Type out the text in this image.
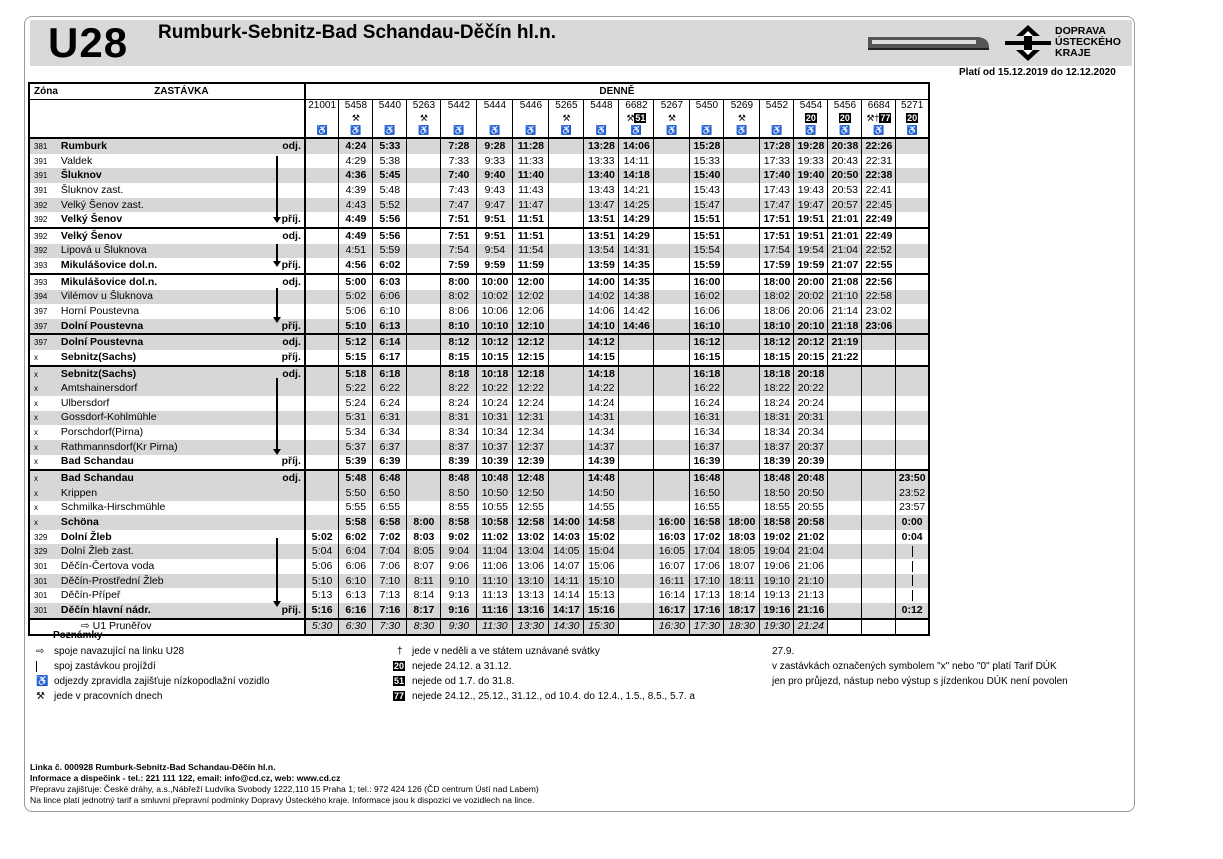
U28 Rumburk-Sebnitz-Bad Schandau-Děčín hl.n.	DOPRAVA
ÚSTECKÉHO
KRAJE
Platí od 15.12.2019 do 12.12.2020
Zóna	ZASTÁVKA		DENNĚ																	
			21001	5458	5440	5263	5442	5444	5446	5265	5448	6682	5267	5450	5269	5452	5454	5456	6684	5271
				⚒		⚒				⚒		⚒51	⚒		⚒		20	20	⚒†77	20
			♿	♿	♿	♿	♿	♿	♿	♿	♿	♿	♿	♿	♿	♿	♿	♿	♿	♿
381	Rumburk	odj.		4:24	5:33		7:28	9:28	11:28		13:28	14:06		15:28		17:28	19:28	20:38	22:26	
391	Valdek			4:29	5:38		7:33	9:33	11:33		13:33	14:11		15:33		17:33	19:33	20:43	22:31	
391	Šluknov			4:36	5:45		7:40	9:40	11:40		13:40	14:18		15:40		17:40	19:40	20:50	22:38	
391	Šluknov zast.			4:39	5:48		7:43	9:43	11:43		13:43	14:21		15:43		17:43	19:43	20:53	22:41	
392	Velký Šenov zast.			4:43	5:52		7:47	9:47	11:47		13:47	14:25		15:47		17:47	19:47	20:57	22:45	
392	Velký Šenov	příj.		4:49	5:56		7:51	9:51	11:51		13:51	14:29		15:51		17:51	19:51	21:01	22:49	
392	Velký Šenov	odj.		4:49	5:56		7:51	9:51	11:51		13:51	14:29		15:51		17:51	19:51	21:01	22:49	
392	Lipová u Šluknova			4:51	5:59		7:54	9:54	11:54		13:54	14:31		15:54		17:54	19:54	21:04	22:52	
393	Mikulášovice dol.n.	příj.		4:56	6:02		7:59	9:59	11:59		13:59	14:35		15:59		17:59	19:59	21:07	22:55	
393	Mikulášovice dol.n.	odj.		5:00	6:03		8:00	10:00	12:00		14:00	14:35		16:00		18:00	20:00	21:08	22:56	
394	Vilémov u Šluknova			5:02	6:06		8:02	10:02	12:02		14:02	14:38		16:02		18:02	20:02	21:10	22:58	
397	Horní Poustevna			5:06	6:10		8:06	10:06	12:06		14:06	14:42		16:06		18:06	20:06	21:14	23:02	
397	Dolní Poustevna	příj.		5:10	6:13		8:10	10:10	12:10		14:10	14:46		16:10		18:10	20:10	21:18	23:06	
397	Dolní Poustevna	odj.		5:12	6:14		8:12	10:12	12:12		14:12			16:12		18:12	20:12	21:19		
x	Sebnitz(Sachs)	příj.		5:15	6:17		8:15	10:15	12:15		14:15			16:15		18:15	20:15	21:22		
x	Sebnitz(Sachs)	odj.		5:18	6:18		8:18	10:18	12:18		14:18			16:18		18:18	20:18			
x	Amtshainersdorf			5:22	6:22		8:22	10:22	12:22		14:22			16:22		18:22	20:22			
x	Ulbersdorf			5:24	6:24		8:24	10:24	12:24		14:24			16:24		18:24	20:24			
x	Gossdorf-Kohlmühle			5:31	6:31		8:31	10:31	12:31		14:31			16:31		18:31	20:31			
x	Porschdorf(Pirna)			5:34	6:34		8:34	10:34	12:34		14:34			16:34		18:34	20:34			
x	Rathmannsdorf(Kr Pirna)			5:37	6:37		8:37	10:37	12:37		14:37			16:37		18:37	20:37			
x	Bad Schandau	příj.		5:39	6:39		8:39	10:39	12:39		14:39			16:39		18:39	20:39			
x	Bad Schandau	odj.		5:48	6:48		8:48	10:48	12:48		14:48			16:48		18:48	20:48			23:50
x	Krippen			5:50	6:50		8:50	10:50	12:50		14:50			16:50		18:50	20:50			23:52
x	Schmilka-Hirschmühle			5:55	6:55		8:55	10:55	12:55		14:55			16:55		18:55	20:55			23:57
x	Schöna			5:58	6:58	8:00	8:58	10:58	12:58	14:00	14:58		16:00	16:58	18:00	18:58	20:58			0:00
329	Dolní Žleb		5:02	6:02	7:02	8:03	9:02	11:02	13:02	14:03	15:02		16:03	17:02	18:03	19:02	21:02			0:04
329	Dolní Žleb zast.		5:04	6:04	7:04	8:05	9:04	11:04	13:04	14:05	15:04		16:05	17:04	18:05	19:04	21:04			
301	Děčín-Čertova voda		5:06	6:06	7:06	8:07	9:06	11:06	13:06	14:07	15:06		16:07	17:06	18:07	19:06	21:06			
301	Děčín-Prostřední Žleb		5:10	6:10	7:10	8:11	9:10	11:10	13:10	14:11	15:10		16:11	17:10	18:11	19:10	21:10			
301	Děčín-Přípeř		5:13	6:13	7:13	8:14	9:13	11:13	13:13	14:14	15:13		16:14	17:13	18:14	19:13	21:13			
301	Děčín hlavní nádr.	příj.	5:16	6:16	7:16	8:17	9:16	11:16	13:16	14:17	15:16		16:17	17:16	18:17	19:16	21:16			0:12
	⇨ U1 Pruněřov		5:30	6:30	7:30	8:30	9:30	11:30	13:30	14:30	15:30		16:30	17:30	18:30	19:30	21:24			
Poznámky
⇨ spoje navazující na linku U28
spoj zastávkou projíždí
♿ odjezdy zpravidla zajišťuje nízkopodlažní vozidlo
⚒ jede v pracovních dnech
† jede v neděli a ve státem uznávané svátky
20 nejede 24.12. a 31.12.
51 nejede od 1.7. do 31.8.
77 nejede 24.12., 25.12., 31.12., od 10.4. do 12.4., 1.5., 8.5., 5.7. a
27.9.
v zastávkách označených symbolem "x" nebo "0" platí Tarif DÚK
jen pro průjezd, nástup nebo výstup s jízdenkou DÚK není povolen
Linka č. 000928 Rumburk-Sebnitz-Bad Schandau-Děčín hl.n.
Informace a dispečink - tel.: 221 111 122, email: info@cd.cz, web: www.cd.cz
Přepravu zajišťuje: České dráhy, a.s.,Nábřeží Ludvíka Svobody 1222,110 15 Praha 1; tel.: 972 424 126 (ČD centrum Ústí nad Labem)
Na lince platí jednotný tarif a smluvní přepravní podmínky Dopravy Ústeckého kraje. Informace jsou k dispozici ve vozidlech na lince.
